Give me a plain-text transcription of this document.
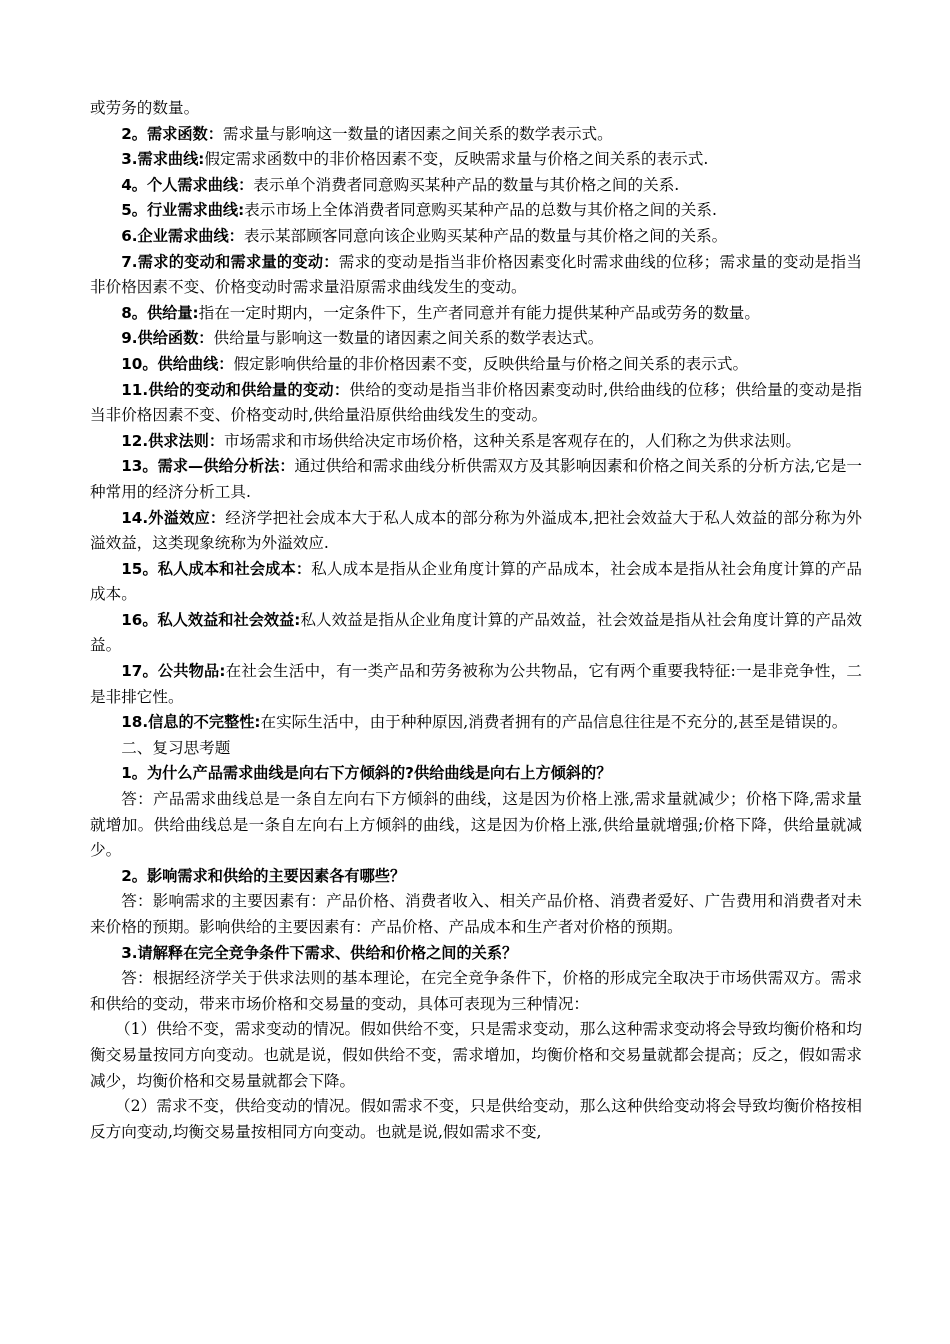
或劳务的数量。

2。需求函数：需求量与影响这一数量的诸因素之间关系的数学表示式。

3.需求曲线:假定需求函数中的非价格因素不变，反映需求量与价格之间关系的表示式.

4。个人需求曲线：表示单个消费者同意购买某种产品的数量与其价格之间的关系.

5。行业需求曲线:表示市场上全体消费者同意购买某种产品的总数与其价格之间的关系.

6.企业需求曲线：表示某部顾客同意向该企业购买某种产品的数量与其价格之间的关系。

7.需求的变动和需求量的变动：需求的变动是指当非价格因素变化时需求曲线的位移；需求量的变动是指当非价格因素不变、价格变动时需求量沿原需求曲线发生的变动。

8。供给量:指在一定时期内，一定条件下，生产者同意并有能力提供某种产品或劳务的数量。

9.供给函数：供给量与影响这一数量的诸因素之间关系的数学表达式。

10。供给曲线：假定影响供给量的非价格因素不变，反映供给量与价格之间关系的表示式。

11.供给的变动和供给量的变动：供给的变动是指当非价格因素变动时,供给曲线的位移；供给量的变动是指当非价格因素不变、价格变动时,供给量沿原供给曲线发生的变动。

12.供求法则：市场需求和市场供给决定市场价格，这种关系是客观存在的，人们称之为供求法则。

13。需求—供给分析法：通过供给和需求曲线分析供需双方及其影响因素和价格之间关系的分析方法,它是一种常用的经济分析工具.

14.外溢效应：经济学把社会成本大于私人成本的部分称为外溢成本,把社会效益大于私人效益的部分称为外溢效益，这类现象统称为外溢效应.

15。私人成本和社会成本：私人成本是指从企业角度计算的产品成本，社会成本是指从社会角度计算的产品成本。

16。私人效益和社会效益:私人效益是指从企业角度计算的产品效益，社会效益是指从社会角度计算的产品效益。

17。公共物品:在社会生活中，有一类产品和劳务被称为公共物品，它有两个重要我特征:一是非竞争性，二是非排它性。

18.信息的不完整性:在实际生活中，由于种种原因,消费者拥有的产品信息往往是不充分的,甚至是错误的。

二、复习思考题

1。为什么产品需求曲线是向右下方倾斜的?供给曲线是向右上方倾斜的？

答：产品需求曲线总是一条自左向右下方倾斜的曲线，这是因为价格上涨,需求量就减少；价格下降,需求量就增加。供给曲线总是一条自左向右上方倾斜的曲线，这是因为价格上涨,供给量就增强;价格下降，供给量就减少。

2。影响需求和供给的主要因素各有哪些？

答：影响需求的主要因素有：产品价格、消费者收入、相关产品价格、消费者爱好、广告费用和消费者对未来价格的预期。影响供给的主要因素有：产品价格、产品成本和生产者对价格的预期。

3.请解释在完全竞争条件下需求、供给和价格之间的关系？

答：根据经济学关于供求法则的基本理论，在完全竞争条件下，价格的形成完全取决于市场供需双方。需求和供给的变动，带来市场价格和交易量的变动，具体可表现为三种情况：

（1）供给不变，需求变动的情况。假如供给不变，只是需求变动，那么这种需求变动将会导致均衡价格和均衡交易量按同方向变动。也就是说，假如供给不变，需求增加，均衡价格和交易量就都会提高；反之，假如需求减少，均衡价格和交易量就都会下降。

（2）需求不变，供给变动的情况。假如需求不变，只是供给变动，那么这种供给变动将会导致均衡价格按相反方向变动,均衡交易量按相同方向变动。也就是说,假如需求不变,
